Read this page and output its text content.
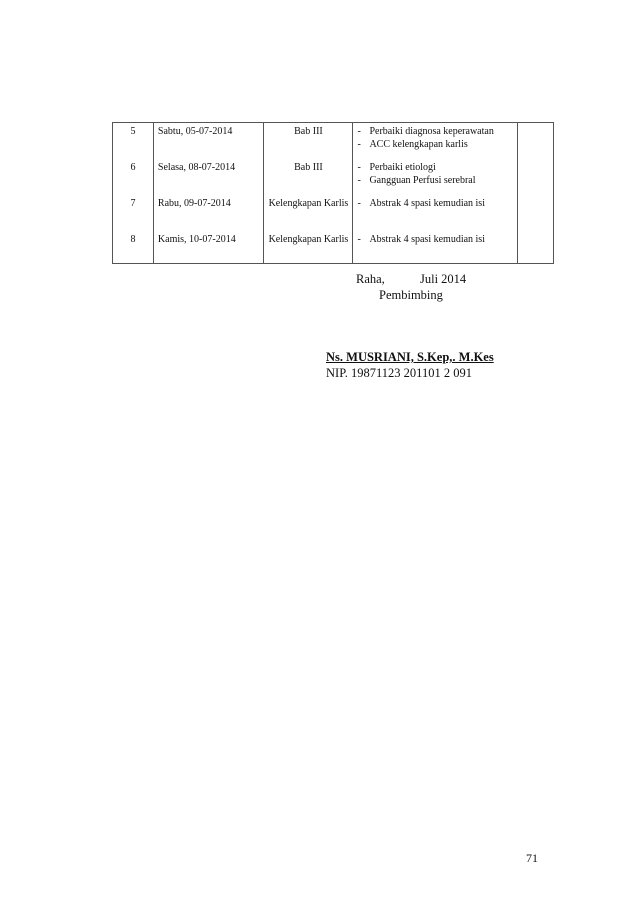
5	Sabtu, 05-07-2014	Bab III	- Perbaiki diagnosa keperawatan
- ACC kelengkapan karlis	

6	Selasa, 08-07-2014	Bab III	- Perbaiki etiologi
- Gangguan Perfusi serebral	

7	Rabu, 09-07-2014	Kelengkapan Karlis	- Abstrak 4 spasi kemudian isi	

8	Kamis, 10-07-2014	Kelengkapan Karlis	- Abstrak 4 spasi kemudian isi	

Raha,	Juli 2014
Pembimbing
Ns. MUSRIANI, S.Kep,. M.Kes
NIP. 19871123 201101 2 091
71
